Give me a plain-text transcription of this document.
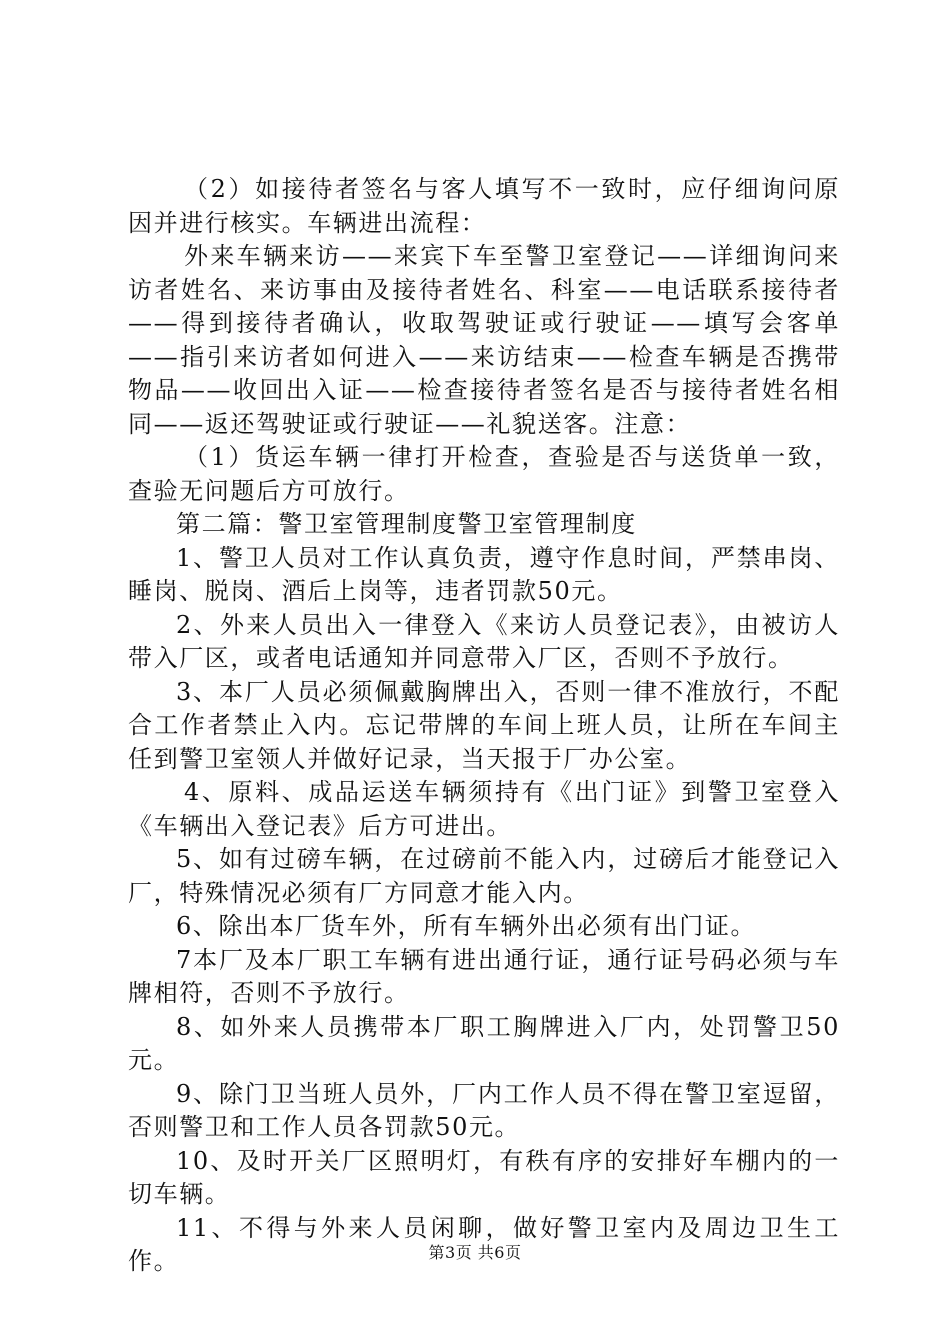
（2）如接待者签名与客人填写不一致时，应仔细询问原因并进行核实。车辆进出流程：

外来车辆来访——来宾下车至警卫室登记——详细询问来访者姓名、来访事由及接待者姓名、科室——电话联系接待者——得到接待者确认，收取驾驶证或行驶证——填写会客单——指引来访者如何进入——来访结束——检查车辆是否携带物品——收回出入证——检查接待者签名是否与接待者姓名相同——返还驾驶证或行驶证——礼貌送客。注意：

（1）货运车辆一律打开检查，查验是否与送货单一致，查验无问题后方可放行。

第二篇：警卫室管理制度警卫室管理制度

1、警卫人员对工作认真负责，遵守作息时间，严禁串岗、睡岗、脱岗、酒后上岗等，违者罚款50元。

2、外来人员出入一律登入《来访人员登记表》，由被访人带入厂区，或者电话通知并同意带入厂区，否则不予放行。

3、本厂人员必须佩戴胸牌出入，否则一律不准放行，不配合工作者禁止入内。忘记带牌的车间上班人员，让所在车间主任到警卫室领人并做好记录，当天报于厂办公室。

4、原料、成品运送车辆须持有《出门证》到警卫室登入《车辆出入登记表》后方可进出。

5、如有过磅车辆，在过磅前不能入内，过磅后才能登记入厂，特殊情况必须有厂方同意才能入内。

6、除出本厂货车外，所有车辆外出必须有出门证。

7本厂及本厂职工车辆有进出通行证，通行证号码必须与车牌相符，否则不予放行。

8、如外来人员携带本厂职工胸牌进入厂内，处罚警卫50元。

9、除门卫当班人员外，厂内工作人员不得在警卫室逗留，否则警卫和工作人员各罚款50元。

10、及时开关厂区照明灯，有秩有序的安排好车棚内的一切车辆。

11、不得与外来人员闲聊，做好警卫室内及周边卫生工作。	第3页 共6页
